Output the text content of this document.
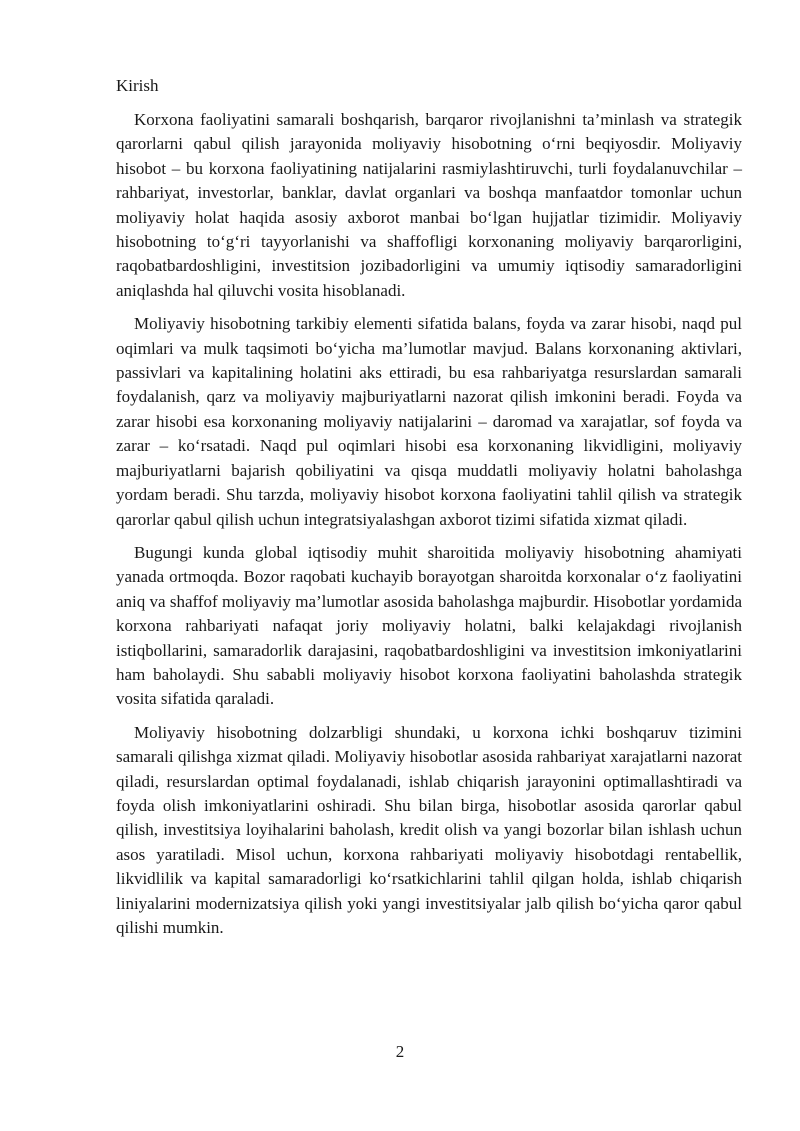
Kirish

Korxona faoliyatini samarali boshqarish, barqaror rivojlanishni ta’minlash va strategik qarorlarni qabul qilish jarayonida moliyaviy hisobotning o‘rni beqiyosdir. Moliyaviy hisobot – bu korxona faoliyatining natijalarini rasmiylashtiruvchi, turli foydalanuvchilar – rahbariyat, investorlar, banklar, davlat organlari va boshqa manfaatdor tomonlar uchun moliyaviy holat haqida asosiy axborot manbai bo‘lgan hujjatlar tizimidir. Moliyaviy hisobotning to‘g‘ri tayyorlanishi va shaffofligi korxonaning moliyaviy barqarorligini, raqobatbardoshligini, investitsion jozibadorligini va umumiy iqtisodiy samaradorligini aniqlashda hal qiluvchi vosita hisoblanadi.

Moliyaviy hisobotning tarkibiy elementi sifatida balans, foyda va zarar hisobi, naqd pul oqimlari va mulk taqsimoti bo‘yicha ma’lumotlar mavjud. Balans korxonaning aktivlari, passivlari va kapitalining holatini aks ettiradi, bu esa rahbariyatga resurslardan samarali foydalanish, qarz va moliyaviy majburiyatlarni nazorat qilish imkonini beradi. Foyda va zarar hisobi esa korxonaning moliyaviy natijalarini – daromad va xarajatlar, sof foyda va zarar – ko‘rsatadi. Naqd pul oqimlari hisobi esa korxonaning likvidligini, moliyaviy majburiyatlarni bajarish qobiliyatini va qisqa muddatli moliyaviy holatni baholashga yordam beradi. Shu tarzda, moliyaviy hisobot korxona faoliyatini tahlil qilish va strategik qarorlar qabul qilish uchun integratsiyalashgan axborot tizimi sifatida xizmat qiladi.

Bugungi kunda global iqtisodiy muhit sharoitida moliyaviy hisobotning ahamiyati yanada ortmoqda. Bozor raqobati kuchayib borayotgan sharoitda korxonalar o‘z faoliyatini aniq va shaffof moliyaviy ma’lumotlar asosida baholashga majburdir. Hisobotlar yordamida korxona rahbariyati nafaqat joriy moliyaviy holatni, balki kelajakdagi rivojlanish istiqbollarini, samaradorlik darajasini, raqobatbardoshligini va investitsion imkoniyatlarini ham baholaydi. Shu sababli moliyaviy hisobot korxona faoliyatini baholashda strategik vosita sifatida qaraladi.

Moliyaviy hisobotning dolzarbligi shundaki, u korxona ichki boshqaruv tizimini samarali qilishga xizmat qiladi. Moliyaviy hisobotlar asosida rahbariyat xarajatlarni nazorat qiladi, resurslardan optimal foydalanadi, ishlab chiqarish jarayonini optimallashtiradi va foyda olish imkoniyatlarini oshiradi. Shu bilan birga, hisobotlar asosida qarorlar qabul qilish, investitsiya loyihalarini baholash, kredit olish va yangi bozorlar bilan ishlash uchun asos yaratiladi. Misol uchun, korxona rahbariyati moliyaviy hisobotdagi rentabellik, likvidlilik va kapital samaradorligi ko‘rsatkichlarini tahlil qilgan holda, ishlab chiqarish liniyalarini modernizatsiya qilish yoki yangi investitsiyalar jalb qilish bo‘yicha qaror qabul qilishi mumkin.

2
